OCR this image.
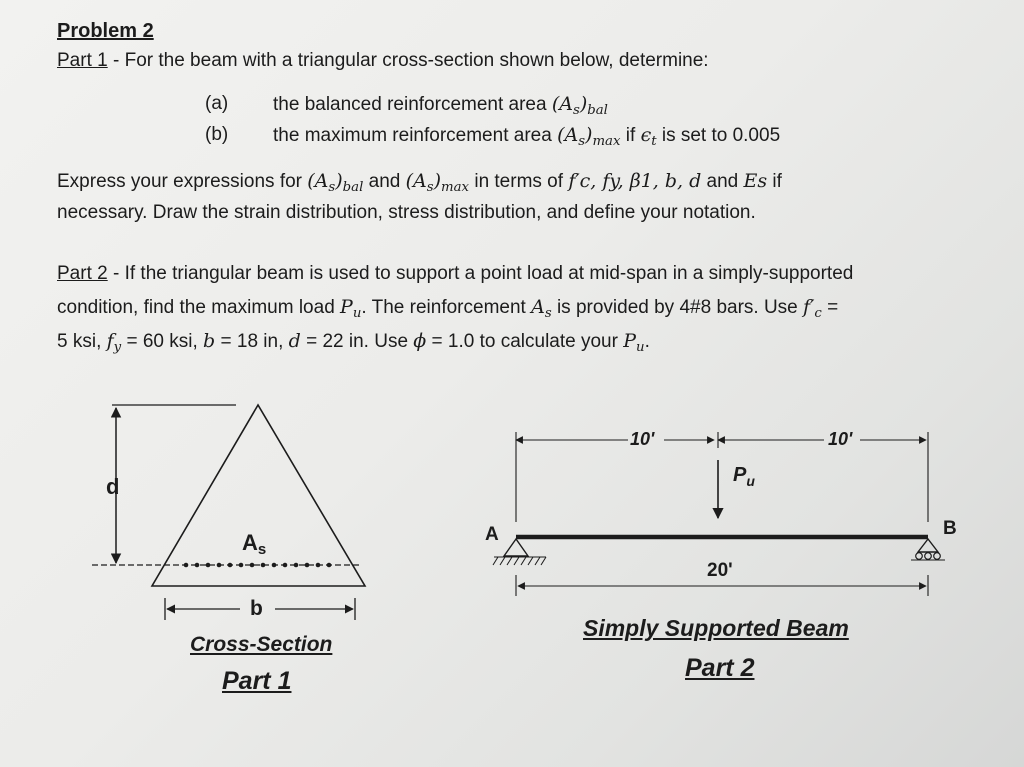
Problem 2
Part 1 - For the beam with a triangular cross-section shown below, determine:
(a) the balanced reinforcement area $(A_s)_{bal}$
(b) the maximum reinforcement area $(A_s)_{max}$ if $\epsilon_t$ is set to 0.005
Express your expressions for $(A_s)_{bal}$ and $(A_s)_{max}$ in terms of f′c, fy, β1, b, d and Es if
necessary. Draw the strain distribution, stress distribution, and define your notation.
Part 2 - If the triangular beam is used to support a point load at mid-span in a simply-supported
condition, find the maximum load $P_u$. The reinforcement $A_s$ is provided by 4#8 bars. Use $f'_c$ =
5 ksi, $f_y = 60$ ksi, b = 18 in, d = 22 in. Use ϕ = 1.0 to calculate your $P_u$.
d
As
b
Cross-Section
Part 1
10'	10'
$P_u$
A	B
20'
Simply Supported Beam
Part 2
